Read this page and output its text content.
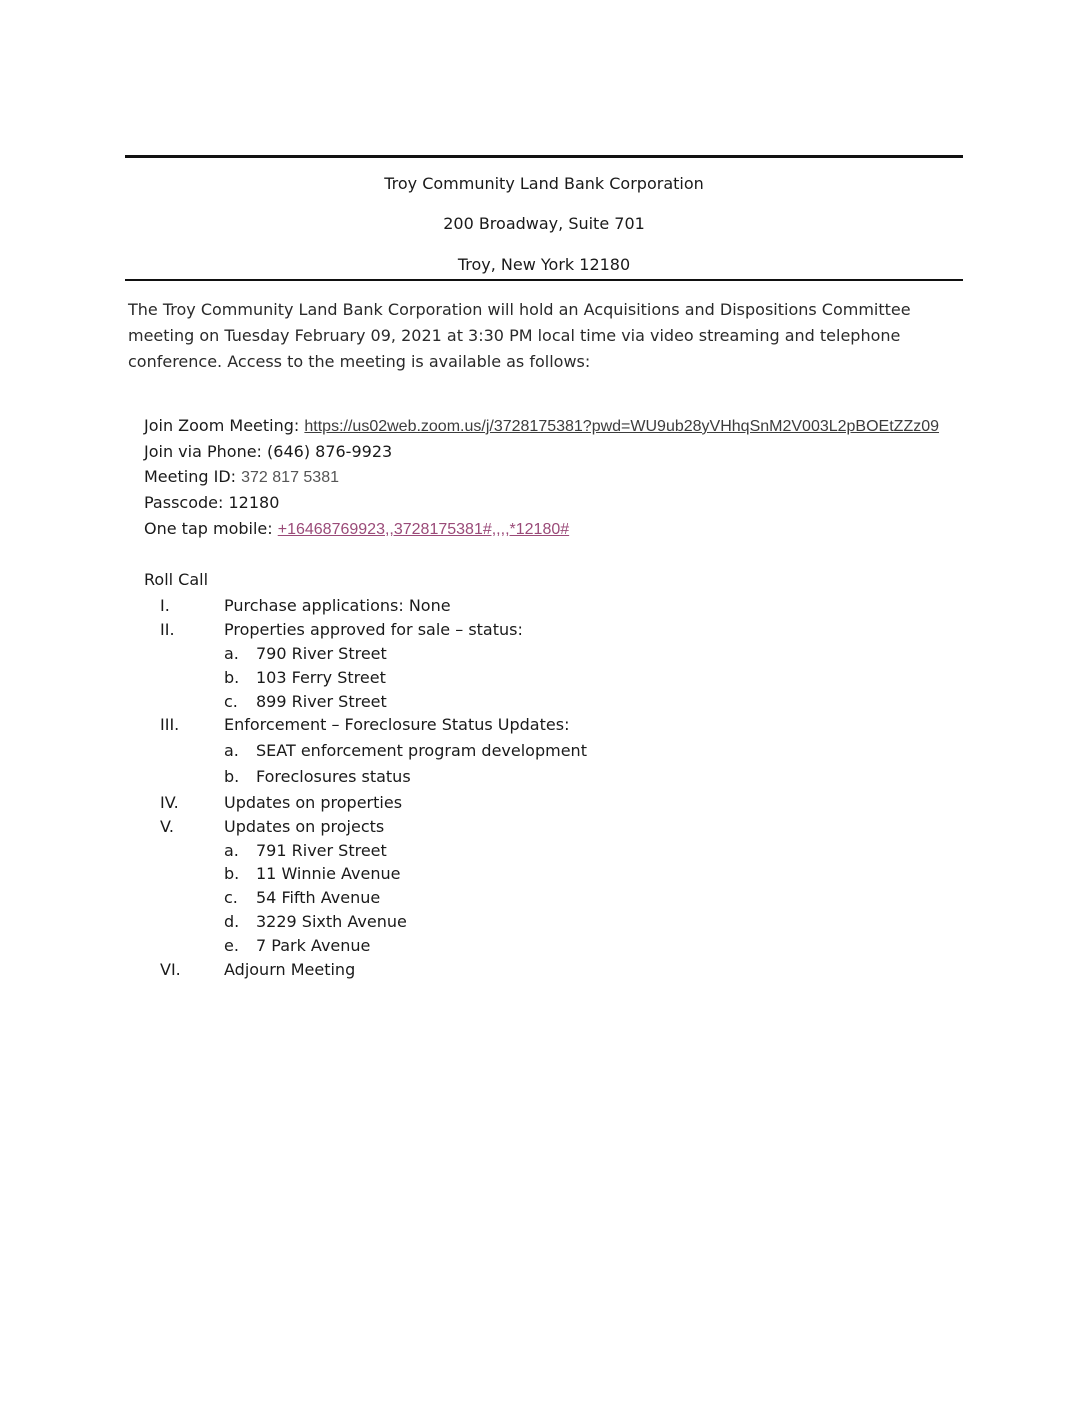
Troy Community Land Bank Corporation
200 Broadway, Suite 701
Troy, New York 12180
The Troy Community Land Bank Corporation will hold an Acquisitions and Dispositions Committee meeting on Tuesday February 09, 2021 at 3:30 PM local time via video streaming and telephone conference. Access to the meeting is available as follows:
Join Zoom Meeting: https://us02web.zoom.us/j/3728175381?pwd=WU9ub28yVHhqSnM2V003L2pBOEtZZz09
Join via Phone: (646) 876-9923
Meeting ID: 372 817 5381
Passcode: 12180
One tap mobile: +16468769923,,3728175381#,,,,*12180#
Roll Call
I.	Purchase applications: None
II.	Properties approved for sale – status:
a. 790 River Street
b. 103 Ferry Street
c. 899 River Street
III.	Enforcement – Foreclosure Status Updates:
a. SEAT enforcement program development
b. Foreclosures status
IV.	Updates on properties
V.	Updates on projects
a. 791 River Street
b. 11 Winnie Avenue
c. 54 Fifth Avenue
d. 3229 Sixth Avenue
e. 7 Park Avenue
VI.	Adjourn Meeting
